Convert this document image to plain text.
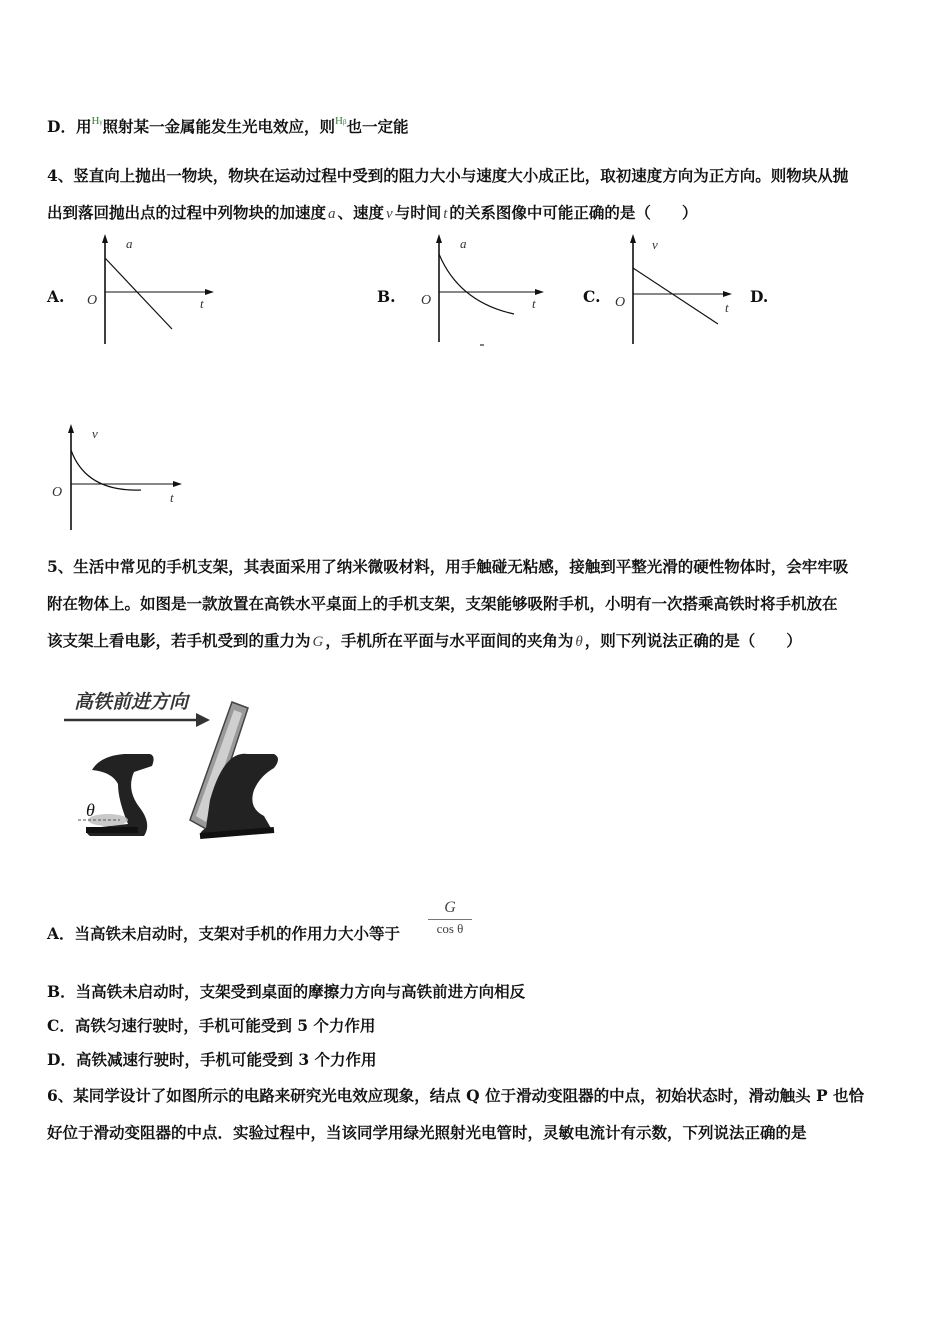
D．用$^{H\gamma}$照射某一金属能发生光电效应，则$^{H\beta}$也一定能
4、竖直向上抛出一物块，物块在运动过程中受到的阻力大小与速度大小成正比，取初速度方向为正方向。则物块从抛
出到落回抛出点的过程中列物块的加速度 a 、速度 v 与时间 t 的关系图像中可能正确的是（　　）
A.	B.	C.	D.
a
O	t
a
O	t
v
O	t
v
O	t
5、生活中常见的手机支架，其表面采用了纳米微吸材料，用手触碰无粘感，接触到平整光滑的硬性物体时，会牢牢吸
附在物体上。如图是一款放置在高铁水平桌面上的手机支架，支架能够吸附手机，小明有一次搭乘高铁时将手机放在
该支架上看电影，若手机受到的重力为 G ，手机所在平面与水平面间的夹角为 θ ，则下列说法正确的是（　　）
高铁前进方向
θ
A．当高铁未启动时，支架对手机的作用力大小等于
G
cos θ
B．当高铁未启动时，支架受到桌面的摩擦力方向与高铁前进方向相反
C．高铁匀速行驶时，手机可能受到 5 个力作用
D．高铁减速行驶时，手机可能受到 3 个力作用
6、某同学设计了如图所示的电路来研究光电效应现象，结点 Q 位于滑动变阻器的中点，初始状态时，滑动触头 P 也恰
好位于滑动变阻器的中点．实验过程中，当该同学用绿光照射光电管时，灵敏电流计有示数，下列说法正确的是
